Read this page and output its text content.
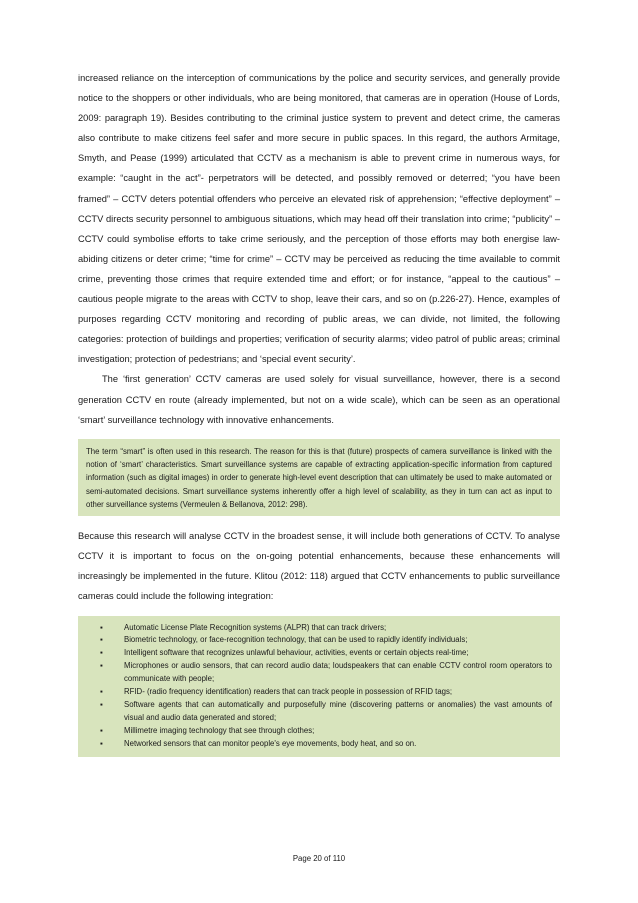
increased reliance on the interception of communications by the police and security services, and generally provide notice to the shoppers or other individuals, who are being monitored, that cameras are in operation (House of Lords, 2009: paragraph 19). Besides contributing to the criminal justice system to prevent and detect crime, the cameras also contribute to make citizens feel safer and more secure in public spaces. In this regard, the authors Armitage, Smyth, and Pease (1999) articulated that CCTV as a mechanism is able to prevent crime in numerous ways, for example: “caught in the act”- perpetrators will be detected, and possibly removed or deterred; “you have been framed” – CCTV deters potential offenders who perceive an elevated risk of apprehension; “effective deployment” – CCTV directs security personnel to ambiguous situations, which may head off their translation into crime; “publicity” – CCTV could symbolise efforts to take crime seriously, and the perception of those efforts may both energise law-abiding citizens or deter crime; “time for crime” – CCTV may be perceived as reducing the time available to commit crime, preventing those crimes that require extended time and effort; or for instance, “appeal to the cautious” – cautious people migrate to the areas with CCTV to shop, leave their cars, and so on (p.226-27). Hence, examples of purposes regarding CCTV monitoring and recording of public areas, we can divide, not limited, the following categories: protection of buildings and properties; verification of security alarms; video patrol of public areas; criminal investigation; protection of pedestrians; and ‘special event security’.

The ‘first generation’ CCTV cameras are used solely for visual surveillance, however, there is a second generation CCTV en route (already implemented, but not on a wide scale), which can be seen as an operational ‘smart’ surveillance technology with innovative enhancements.

The term “smart” is often used in this research. The reason for this is that (future) prospects of camera surveillance is linked with the notion of ‘smart’ characteristics. Smart surveillance systems are capable of extracting application-specific information from captured information (such as digital images) in order to generate high-level event description that can ultimately be used to make automated or semi-automated decisions. Smart surveillance systems inherently offer a high level of scalability, as they in turn can act as input to other surveillance systems (Vermeulen & Bellanova, 2012: 298).

Because this research will analyse CCTV in the broadest sense, it will include both generations of CCTV. To analyse CCTV it is important to focus on the on-going potential enhancements, because these enhancements will increasingly be implemented in the future. Klitou (2012: 118) argued that CCTV enhancements to public surveillance cameras could include the following integration:

▪	Automatic License Plate Recognition systems (ALPR) that can track drivers;
▪	Biometric technology, or face-recognition technology, that can be used to rapidly identify individuals;
▪	Intelligent software that recognizes unlawful behaviour, activities, events or certain objects real-time;
▪	Microphones or audio sensors, that can record audio data; loudspeakers that can enable CCTV control room operators to communicate with people;
▪	RFID- (radio frequency identification) readers that can track people in possession of RFID tags;
▪	Software agents that can automatically and purposefully mine (discovering patterns or anomalies) the vast amounts of visual and audio data generated and stored;
▪	Millimetre imaging technology that see through clothes;
▪	Networked sensors that can monitor people's eye movements, body heat, and so on.
Page 20 of 110
